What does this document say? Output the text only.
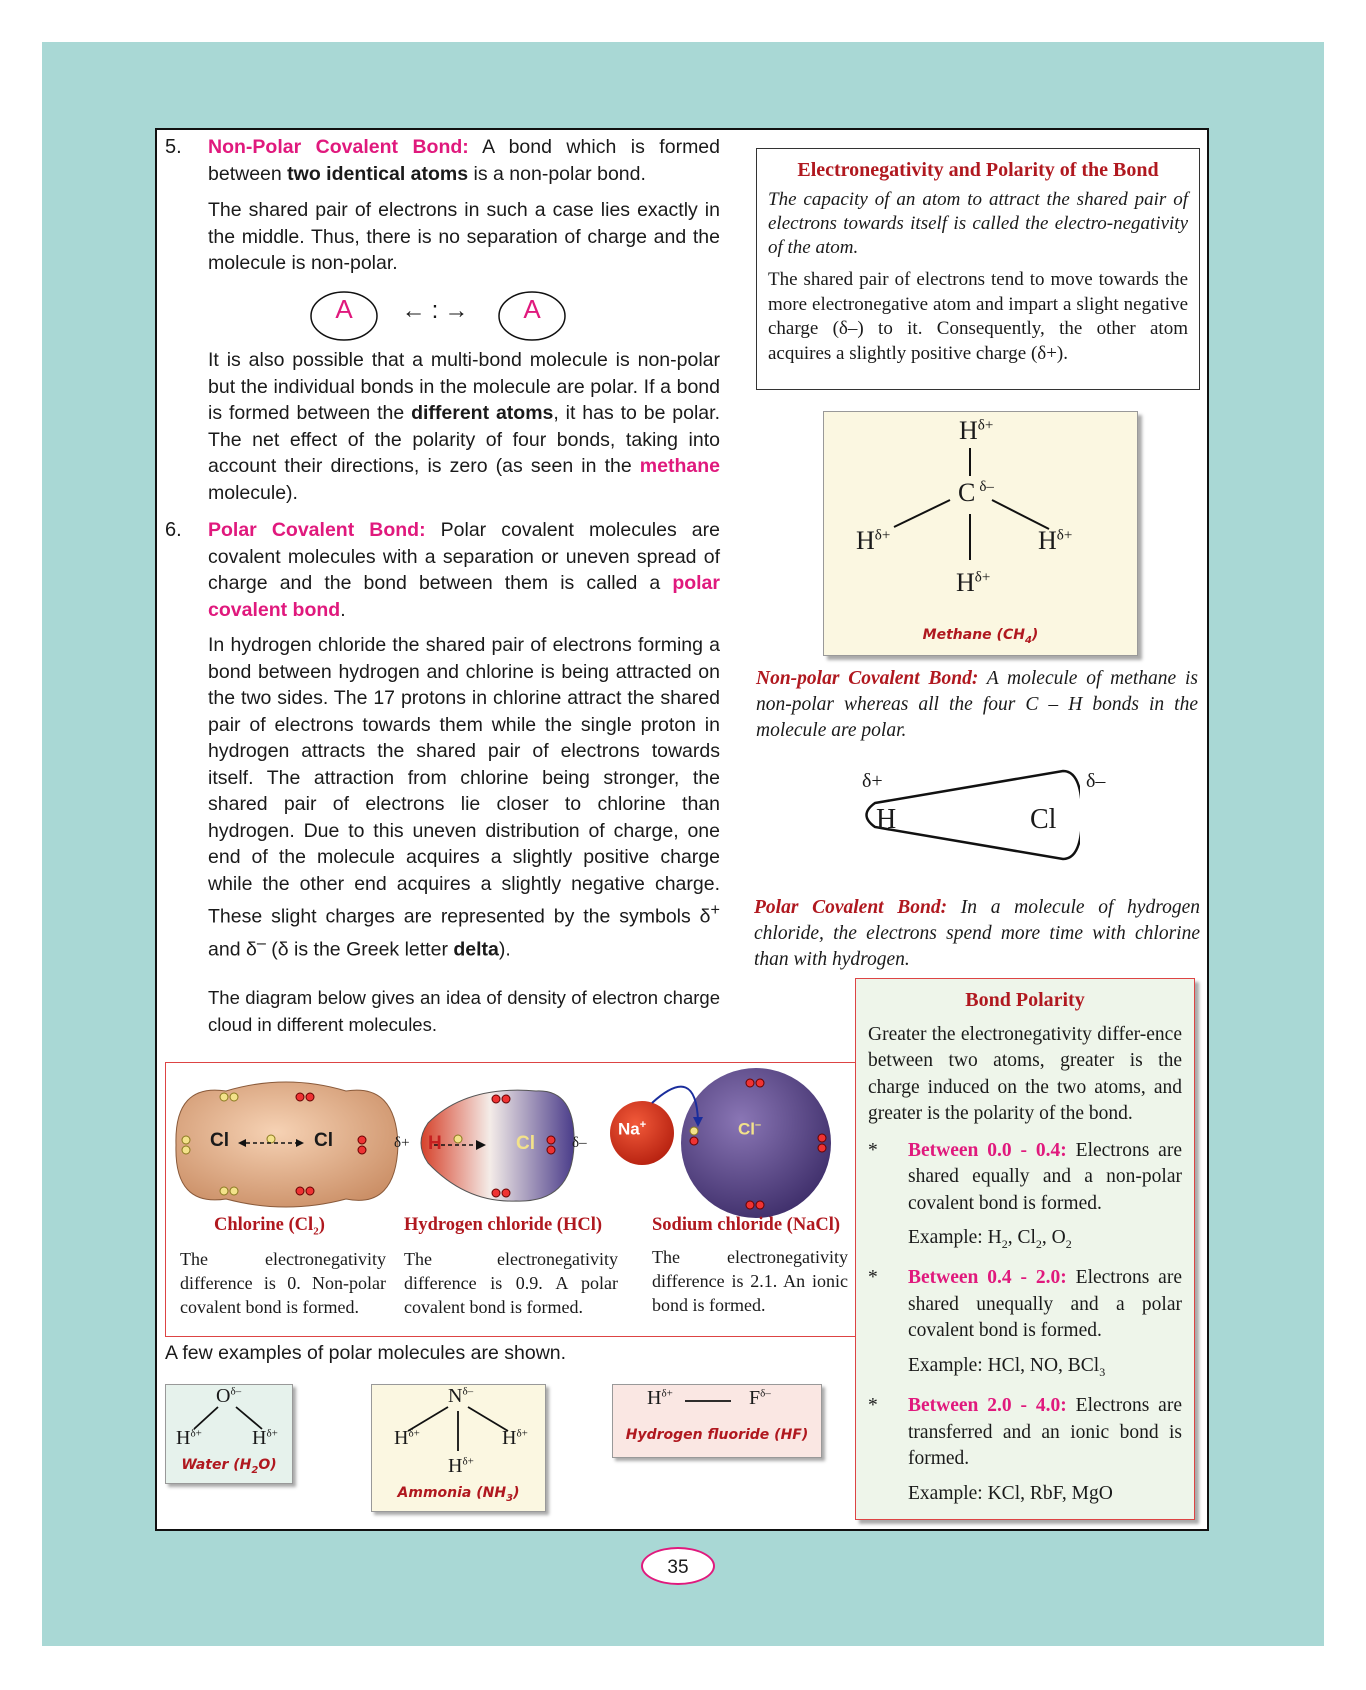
5. Non-Polar Covalent Bond: A bond which is formed between two identical atoms is a non-polar bond.
The shared pair of electrons in such a case lies exactly in the middle. Thus, there is no separation of charge and the molecule is non-polar.
A	A
←:→
It is also possible that a multi-bond molecule is non-polar but the individual bonds in the molecule are polar. If a bond is formed between the different atoms, it has to be polar. The net effect of the polarity of four bonds, taking into account their directions, is zero (as seen in the methane molecule).
6. Polar Covalent Bond: Polar covalent molecules are covalent molecules with a separation or uneven spread of charge and the bond between them is called a polar covalent bond.
In hydrogen chloride the shared pair of electrons forming a bond between hydrogen and chlorine is being attracted on the two sides. The 17 protons in chlorine attract the shared pair of electrons towards them while the single proton in hydrogen attracts the shared pair of electrons towards itself. The attraction from chlorine being stronger, the shared pair of electrons lie closer to chlorine than hydrogen. Due to this uneven distribution of charge, one end of the molecule acquires a slightly positive charge while the other end acquires a slightly negative charge. These slight charges are represented by the symbols δ+ and δ– (δ is the Greek letter delta).
The diagram below gives an idea of density of electron charge cloud in different molecules.
Electronegativity and Polarity of the Bond
The capacity of an atom to attract the shared pair of electrons towards itself is called the electro-negativity of the atom.
The shared pair of electrons tend to move towards the more electronegative atom and impart a slight negative charge (δ–) to it. Consequently, the other atom acquires a slightly positive charge (δ+).
$H^{\delta+}$
C $^{\delta-}$
$H^{\delta+}$	$H^{\delta+}$
$H^{\delta+}$
Methane $(CH_4)$
Non-polar Covalent Bond: A molecule of methane is non-polar whereas all the four C – H bonds in the molecule are polar.
δ+	δ–
H	Cl
Polar Covalent Bond: In a molecule of hydrogen chloride, the electrons spend more time with chlorine than with hydrogen.
Cl	Cl	δ+ H	Cl δ–
Na+	Cl–
Chlorine $(Cl_2)$	Hydrogen chloride (HCl)	Sodium chloride (NaCl)
The electronegativity difference is 0. Non-polar covalent bond is formed.
The electronegativity difference is 0.9. A polar covalent bond is formed.
The electronegativity difference is 2.1. An ionic bond is formed.
Bond Polarity
Greater the electronegativity differ-ence between two atoms, greater is the charge induced on the two atoms, and greater is the polarity of the bond.
* Between 0.0 - 0.4: Electrons are shared equally and a non-polar covalent bond is formed.
Example: $H_2$, $Cl_2$, $O_2$
* Between 0.4 - 2.0: Electrons are shared unequally and a polar covalent bond is formed.
Example: HCl, NO, BCl$_3$
* Between 2.0 - 4.0: Electrons are transferred and an ionic bond is formed.
Example: KCl, RbF, MgO
A few examples of polar molecules are shown.
$O^{\delta-}$
$H^{\delta+}$	$H^{\delta+}$
Water $(H_2O)$
$N^{\delta-}$
$H^{\delta+}$	$H^{\delta+}$
$H^{\delta+}$
Ammonia $(NH_3)$
$H^{\delta+}$	$F^{\delta-}$
Hydrogen fluoride (HF)
35
